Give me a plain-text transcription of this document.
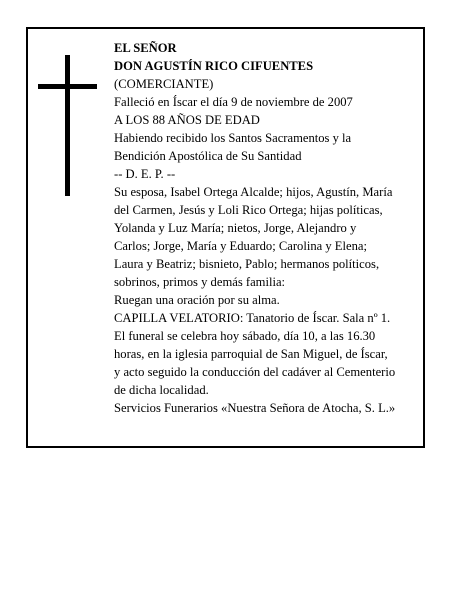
EL SEÑOR

DON AGUSTÍN RICO CIFUENTES

(COMERCIANTE)

Falleció en Íscar el día 9 de noviembre de 2007

A LOS 88 AÑOS DE EDAD

Habiendo recibido los Santos Sacramentos y la

Bendición Apostólica de Su Santidad

-- D. E. P. --

Su esposa, Isabel Ortega Alcalde; hijos, Agustín, María

del Carmen, Jesús y Loli Rico Ortega; hijas políticas,

Yolanda y Luz María; nietos, Jorge, Alejandro y

Carlos; Jorge, María y Eduardo; Carolina y Elena;

Laura y Beatriz; bisnieto, Pablo; hermanos políticos,

sobrinos, primos y demás familia:

Ruegan una oración por su alma.

CAPILLA VELATORIO: Tanatorio de Íscar. Sala nº 1.

El funeral se celebra hoy sábado, día 10, a las 16.30

horas, en la iglesia parroquial de San Miguel, de Íscar,

y acto seguido la conducción del cadáver al Cementerio

de dicha localidad.

Servicios Funerarios «Nuestra Señora de Atocha, S. L.»
